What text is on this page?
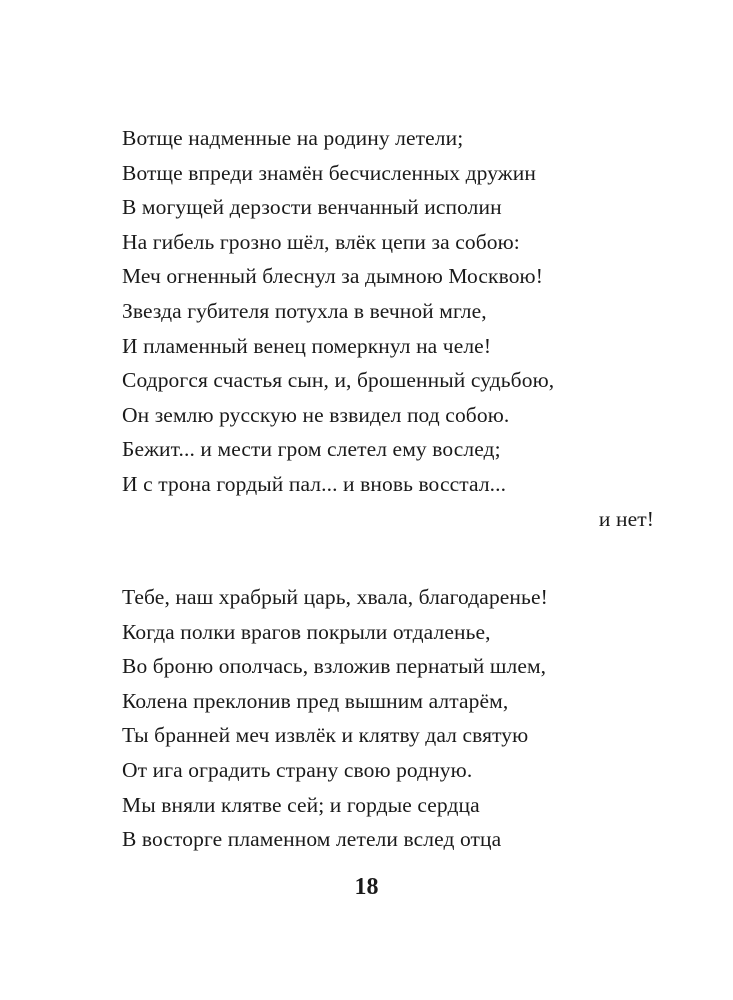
Вотще надменные на родину летели;
Вотще впреди знамён бесчисленных дружин
В могущей дерзости венчанный исполин
На гибель грозно шёл, влёк цепи за собою:
Меч огненный блеснул за дымною Москвою!
Звезда губителя потухла в вечной мгле,
И пламенный венец померкнул на челе!
Содрогся счастья сын, и, брошенный судьбою,
Он землю русскую не взвидел под собою.
Бежит... и мести гром слетел ему вослед;
И с трона гордый пал... и вновь восстал...
и нет!
Тебе, наш храбрый царь, хвала, благодаренье!
Когда полки врагов покрыли отдаленье,
Во броню ополчась, взложив пернатый шлем,
Колена преклонив пред вышним алтарём,
Ты бранней меч извлёк и клятву дал святую
От ига оградить страну свою родную.
Мы вняли клятве сей; и гордые сердца
В восторге пламенном летели вслед отца
18
